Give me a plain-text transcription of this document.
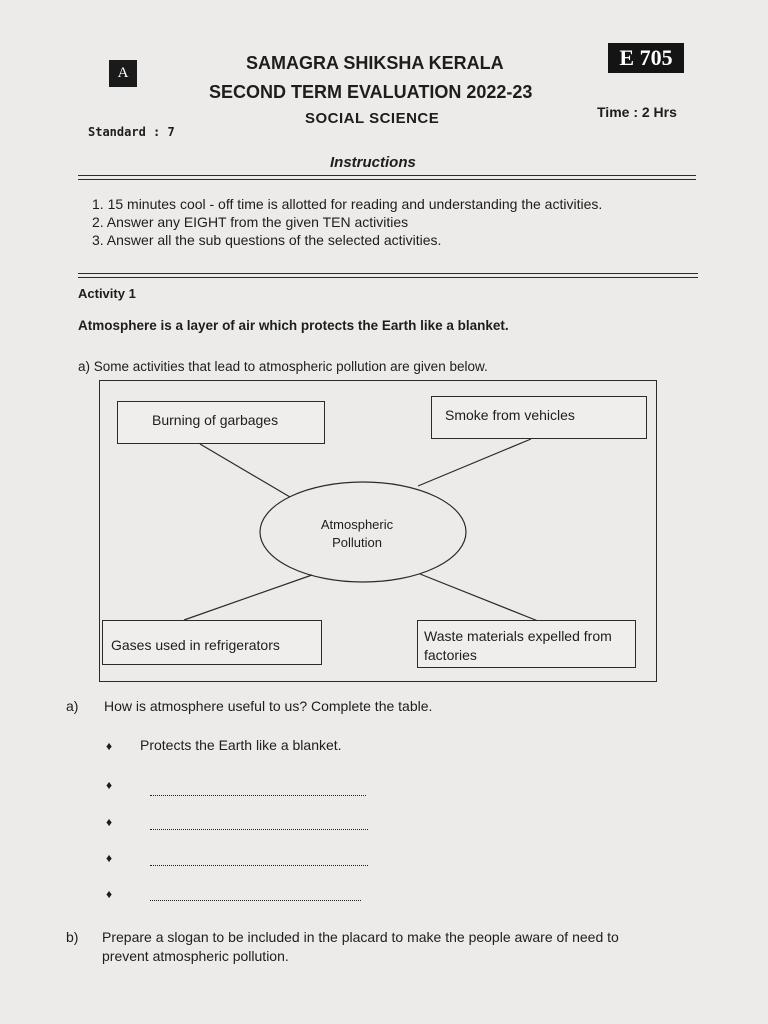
A
E 705
SAMAGRA SHIKSHA KERALA
SECOND TERM EVALUATION 2022-23
SOCIAL SCIENCE	Time : 2 Hrs
Standard : 7
Instructions
1. 15 minutes cool - off time is allotted for reading and understanding the activities.
2. Answer any EIGHT from the given TEN activities
3. Answer all the sub questions of the selected activities.
Activity 1
Atmosphere is a layer of air which protects the Earth like a blanket.
a) Some activities that lead to atmospheric pollution are given below.
Burning of garbages	Smoke from vehicles
Gases used in refrigerators
Waste materials expelled from factories
Atmospheric Pollution
a) How is atmosphere useful to us? Complete the table.
♦ Protects the Earth like a blanket.
♦
♦
♦
♦
b) Prepare a slogan to be included in the placard to make the people aware of need to
prevent atmospheric pollution.
